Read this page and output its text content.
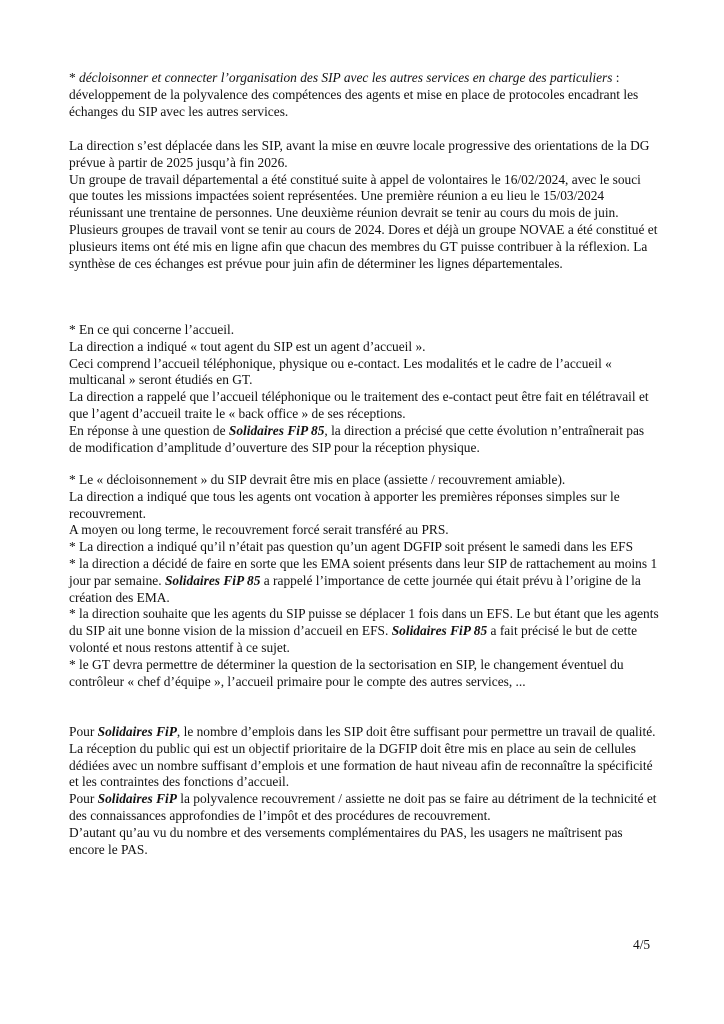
* décloisonner et connecter l’organisation des SIP avec les autres services en charge des particuliers : développement de la polyvalence des compétences des agents et mise en place de protocoles encadrant les échanges du SIP avec les autres services.

La direction s’est déplacée dans les SIP, avant la mise en œuvre locale progressive des orientations de la DG prévue à partir de 2025 jusqu’à fin 2026.

Un groupe de travail départemental a été constitué suite à appel de volontaires le 16/02/2024, avec le souci que toutes les missions impactées soient représentées. Une première réunion a eu lieu le 15/03/2024 réunissant une trentaine de personnes. Une deuxième réunion devrait se tenir au cours du mois de juin.

Plusieurs groupes de travail vont se tenir au cours de 2024. Dores et déjà un groupe NOVAE a été constitué et plusieurs items ont été mis en ligne afin que chacun des membres du GT puisse contribuer à la réflexion. La synthèse de ces échanges est prévue pour juin afin de déterminer les lignes départementales.

* En ce qui concerne l’accueil.

La direction a indiqué « tout agent du SIP est un agent d’accueil ».

Ceci comprend l’accueil téléphonique, physique ou e-contact. Les modalités et le cadre de l’accueil « multicanal » seront étudiés en GT.

La direction a rappelé que l’accueil téléphonique ou le traitement des e-contact peut être fait en télétravail et que l’agent d’accueil traite le « back office » de ses réceptions.

En réponse à une question de Solidaires FiP 85, la direction a précisé que cette évolution n’entraînerait pas de modification d’amplitude d’ouverture des SIP pour la réception physique.

* Le « décloisonnement » du SIP devrait être mis en place (assiette / recouvrement amiable).

La direction a indiqué que tous les agents ont vocation à apporter les premières réponses simples sur le recouvrement.

A moyen ou long terme, le recouvrement forcé serait transféré au PRS.

* La direction a indiqué qu’il n’était pas question qu’un agent DGFIP soit présent le samedi dans les EFS

* la direction a décidé de faire en sorte que les EMA soient présents dans leur SIP de rattachement au moins 1 jour par semaine. Solidaires FiP 85 a rappelé l’importance de cette journée qui était prévu à l’origine de la création des EMA.

* la direction souhaite que les agents du SIP puisse se déplacer 1 fois dans un EFS. Le but étant que les agents du SIP ait une bonne vision de la mission d’accueil en EFS. Solidaires FiP 85 a fait précisé le but de cette volonté et nous restons attentif à ce sujet.

* le GT devra permettre de déterminer la question de la sectorisation en SIP, le changement éventuel du contrôleur « chef d’équipe », l’accueil primaire pour le compte des autres services, ...

Pour Solidaires FiP, le nombre d’emplois dans les SIP doit être suffisant pour permettre un travail de qualité. La réception du public qui est un objectif prioritaire de la DGFIP doit être mis en place au sein de cellules dédiées avec un nombre suffisant d’emplois et une formation de haut niveau afin de reconnaître la spécificité et les contraintes des fonctions d’accueil.

Pour Solidaires FiP la polyvalence recouvrement / assiette ne doit pas se faire au détriment de la technicité et des connaissances approfondies de l’impôt et des procédures de recouvrement.

D’autant qu’au vu du nombre et des versements complémentaires du PAS, les usagers ne maîtrisent pas encore le PAS.

4/5
